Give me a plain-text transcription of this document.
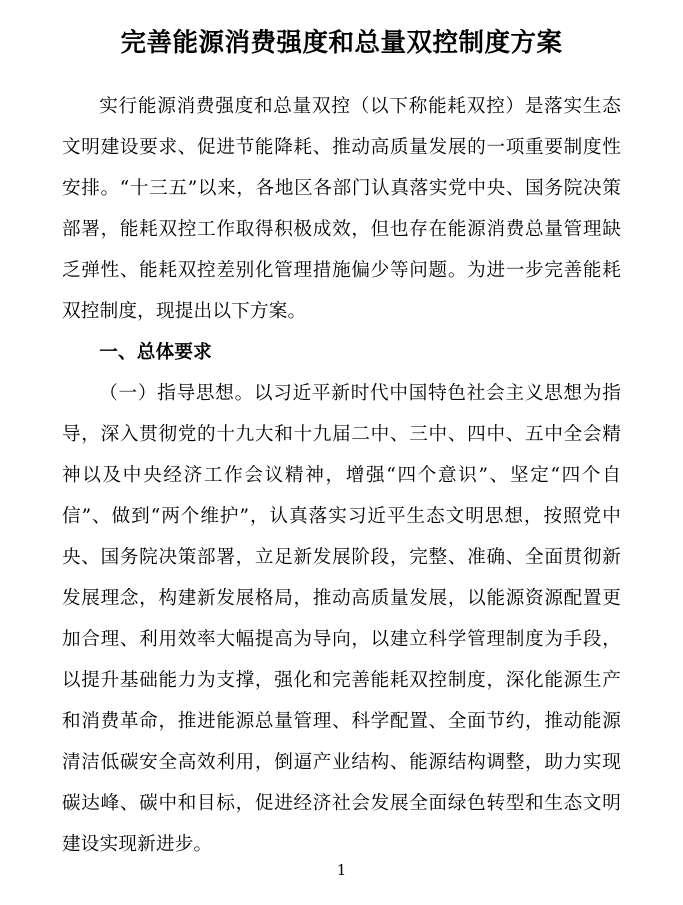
完善能源消费强度和总量双控制度方案

实行能源消费强度和总量双控（以下称能耗双控）是落实生态文明建设要求、促进节能降耗、推动高质量发展的一项重要制度性安排。“十三五”以来，各地区各部门认真落实党中央、国务院决策部署，能耗双控工作取得积极成效，但也存在能源消费总量管理缺乏弹性、能耗双控差别化管理措施偏少等问题。为进一步完善能耗双控制度，现提出以下方案。

一、总体要求

（一）指导思想。以习近平新时代中国特色社会主义思想为指导，深入贯彻党的十九大和十九届二中、三中、四中、五中全会精神以及中央经济工作会议精神，增强“四个意识”、坚定“四个自信”、做到“两个维护”，认真落实习近平生态文明思想，按照党中央、国务院决策部署，立足新发展阶段，完整、准确、全面贯彻新发展理念，构建新发展格局，推动高质量发展，以能源资源配置更加合理、利用效率大幅提高为导向，以建立科学管理制度为手段，以提升基础能力为支撑，强化和完善能耗双控制度，深化能源生产和消费革命，推进能源总量管理、科学配置、全面节约，推动能源清洁低碳安全高效利用，倒逼产业结构、能源结构调整，助力实现碳达峰、碳中和目标，促进经济社会发展全面绿色转型和生态文明建设实现新进步。

1
